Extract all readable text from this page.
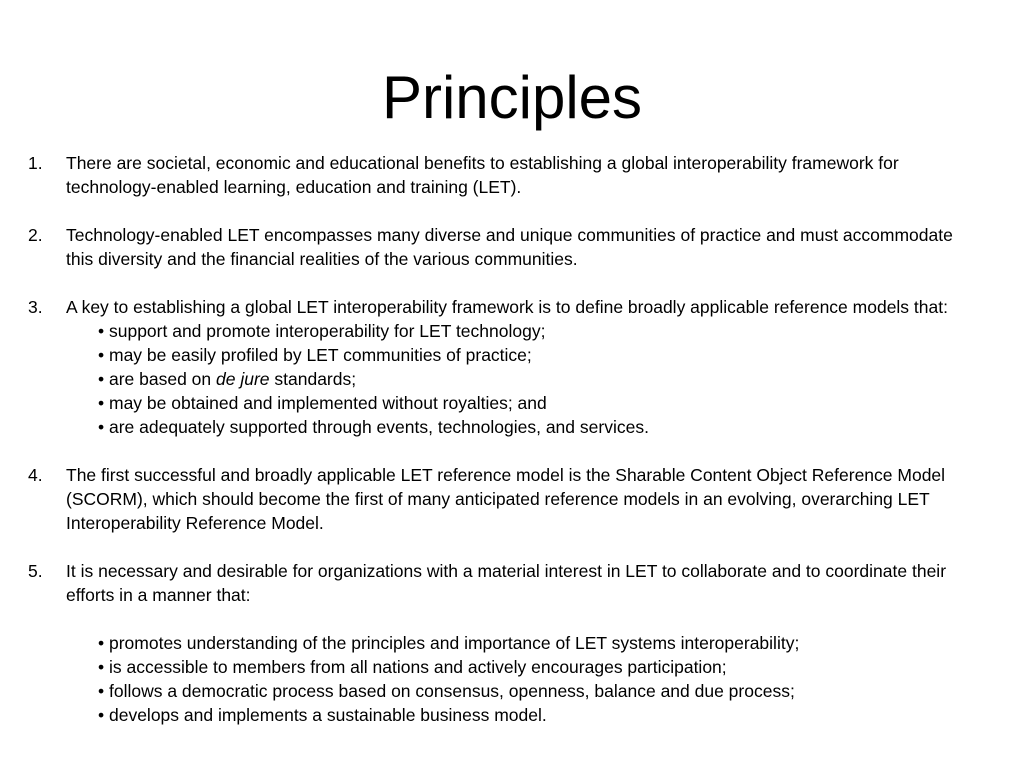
Principles
1. There are societal, economic and educational benefits to establishing a global interoperability framework for technology-enabled learning, education and training (LET).
2. Technology-enabled LET encompasses many diverse and unique communities of practice and must accommodate this diversity and the financial realities of the various communities.
3. A key to establishing a global LET interoperability framework is to define broadly applicable reference models that:
• support and promote interoperability for LET technology;
• may be easily profiled by LET communities of practice;
• are based on de jure standards;
• may be obtained and implemented without royalties; and
• are adequately supported through events, technologies, and services.
4. The first successful and broadly applicable LET reference model is the Sharable Content Object Reference Model (SCORM), which should become the first of many anticipated reference models in an evolving, overarching LET Interoperability Reference Model.
5. It is necessary and desirable for organizations with a material interest in LET to collaborate and to coordinate their efforts in a manner that:
• promotes understanding of the principles and importance of LET systems interoperability;
• is accessible to members from all nations and actively encourages participation;
• follows a democratic process based on consensus, openness, balance and due process;
• develops and implements a sustainable business model.
